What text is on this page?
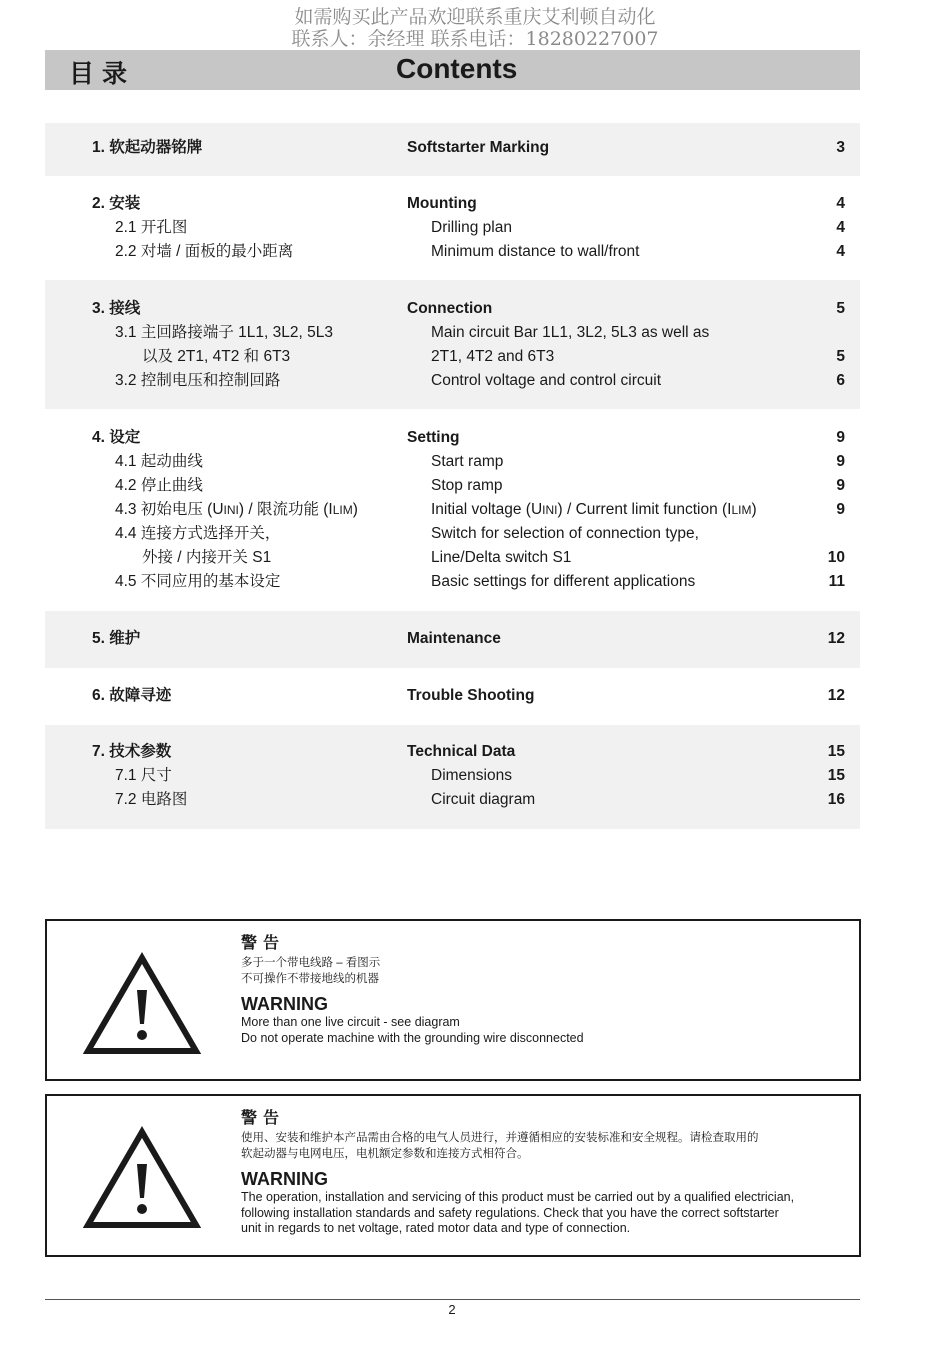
如需购买此产品欢迎联系重庆艾利顿自动化
联系人：余经理 联系电话：18280227007
目录	Contents
1. 软起动器铭牌	Softstarter Marking	3
2. 安装	Mounting	4
2.1 开孔图	Drilling plan	4
2.2 对墙 / 面板的最小距离	Minimum distance to wall/front	4
3. 接线	Connection	5
3.1 主回路接端子 1L1, 3L2, 5L3	Main circuit Bar 1L1, 3L2, 5L3 as well as
以及 2T1, 4T2 和 6T3	2T1, 4T2 and 6T3	5
3.2 控制电压和控制回路	Control voltage and control circuit	6
4. 设定	Setting	9
4.1 起动曲线	Start ramp	9
4.2 停止曲线	Stop ramp	9
4.3 初始电压 (UINI) / 限流功能 (ILIM)	Initial voltage (UINI) / Current limit function (ILIM)	9
4.4 连接方式选择开关，	Switch for selection of connection type,
外接 / 内接开关 S1	Line/Delta switch S1	10
4.5 不同应用的基本设定	Basic settings for different applications	11
5. 维护	Maintenance	12
6. 故障寻迹	Trouble Shooting	12
7. 技术参数	Technical Data	15
7.1 尺寸	Dimensions	15
7.2 电路图	Circuit diagram	16
警告
多于一个带电线路 – 看图示
不可操作不带接地线的机器
WARNING
More than one live circuit - see diagram
Do not operate machine with the grounding wire disconnected
警告
使用、安装和维护本产品需由合格的电气人员进行，并遵循相应的安装标准和安全规程。请检查取用的
软起动器与电网电压，电机额定参数和连接方式相符合。
WARNING
The operation, installation and servicing of this product must be carried out by a qualified electrician,
following installation standards and safety regulations. Check that you have the correct softstarter
unit in regards to net voltage, rated motor data and type of connection.
2
